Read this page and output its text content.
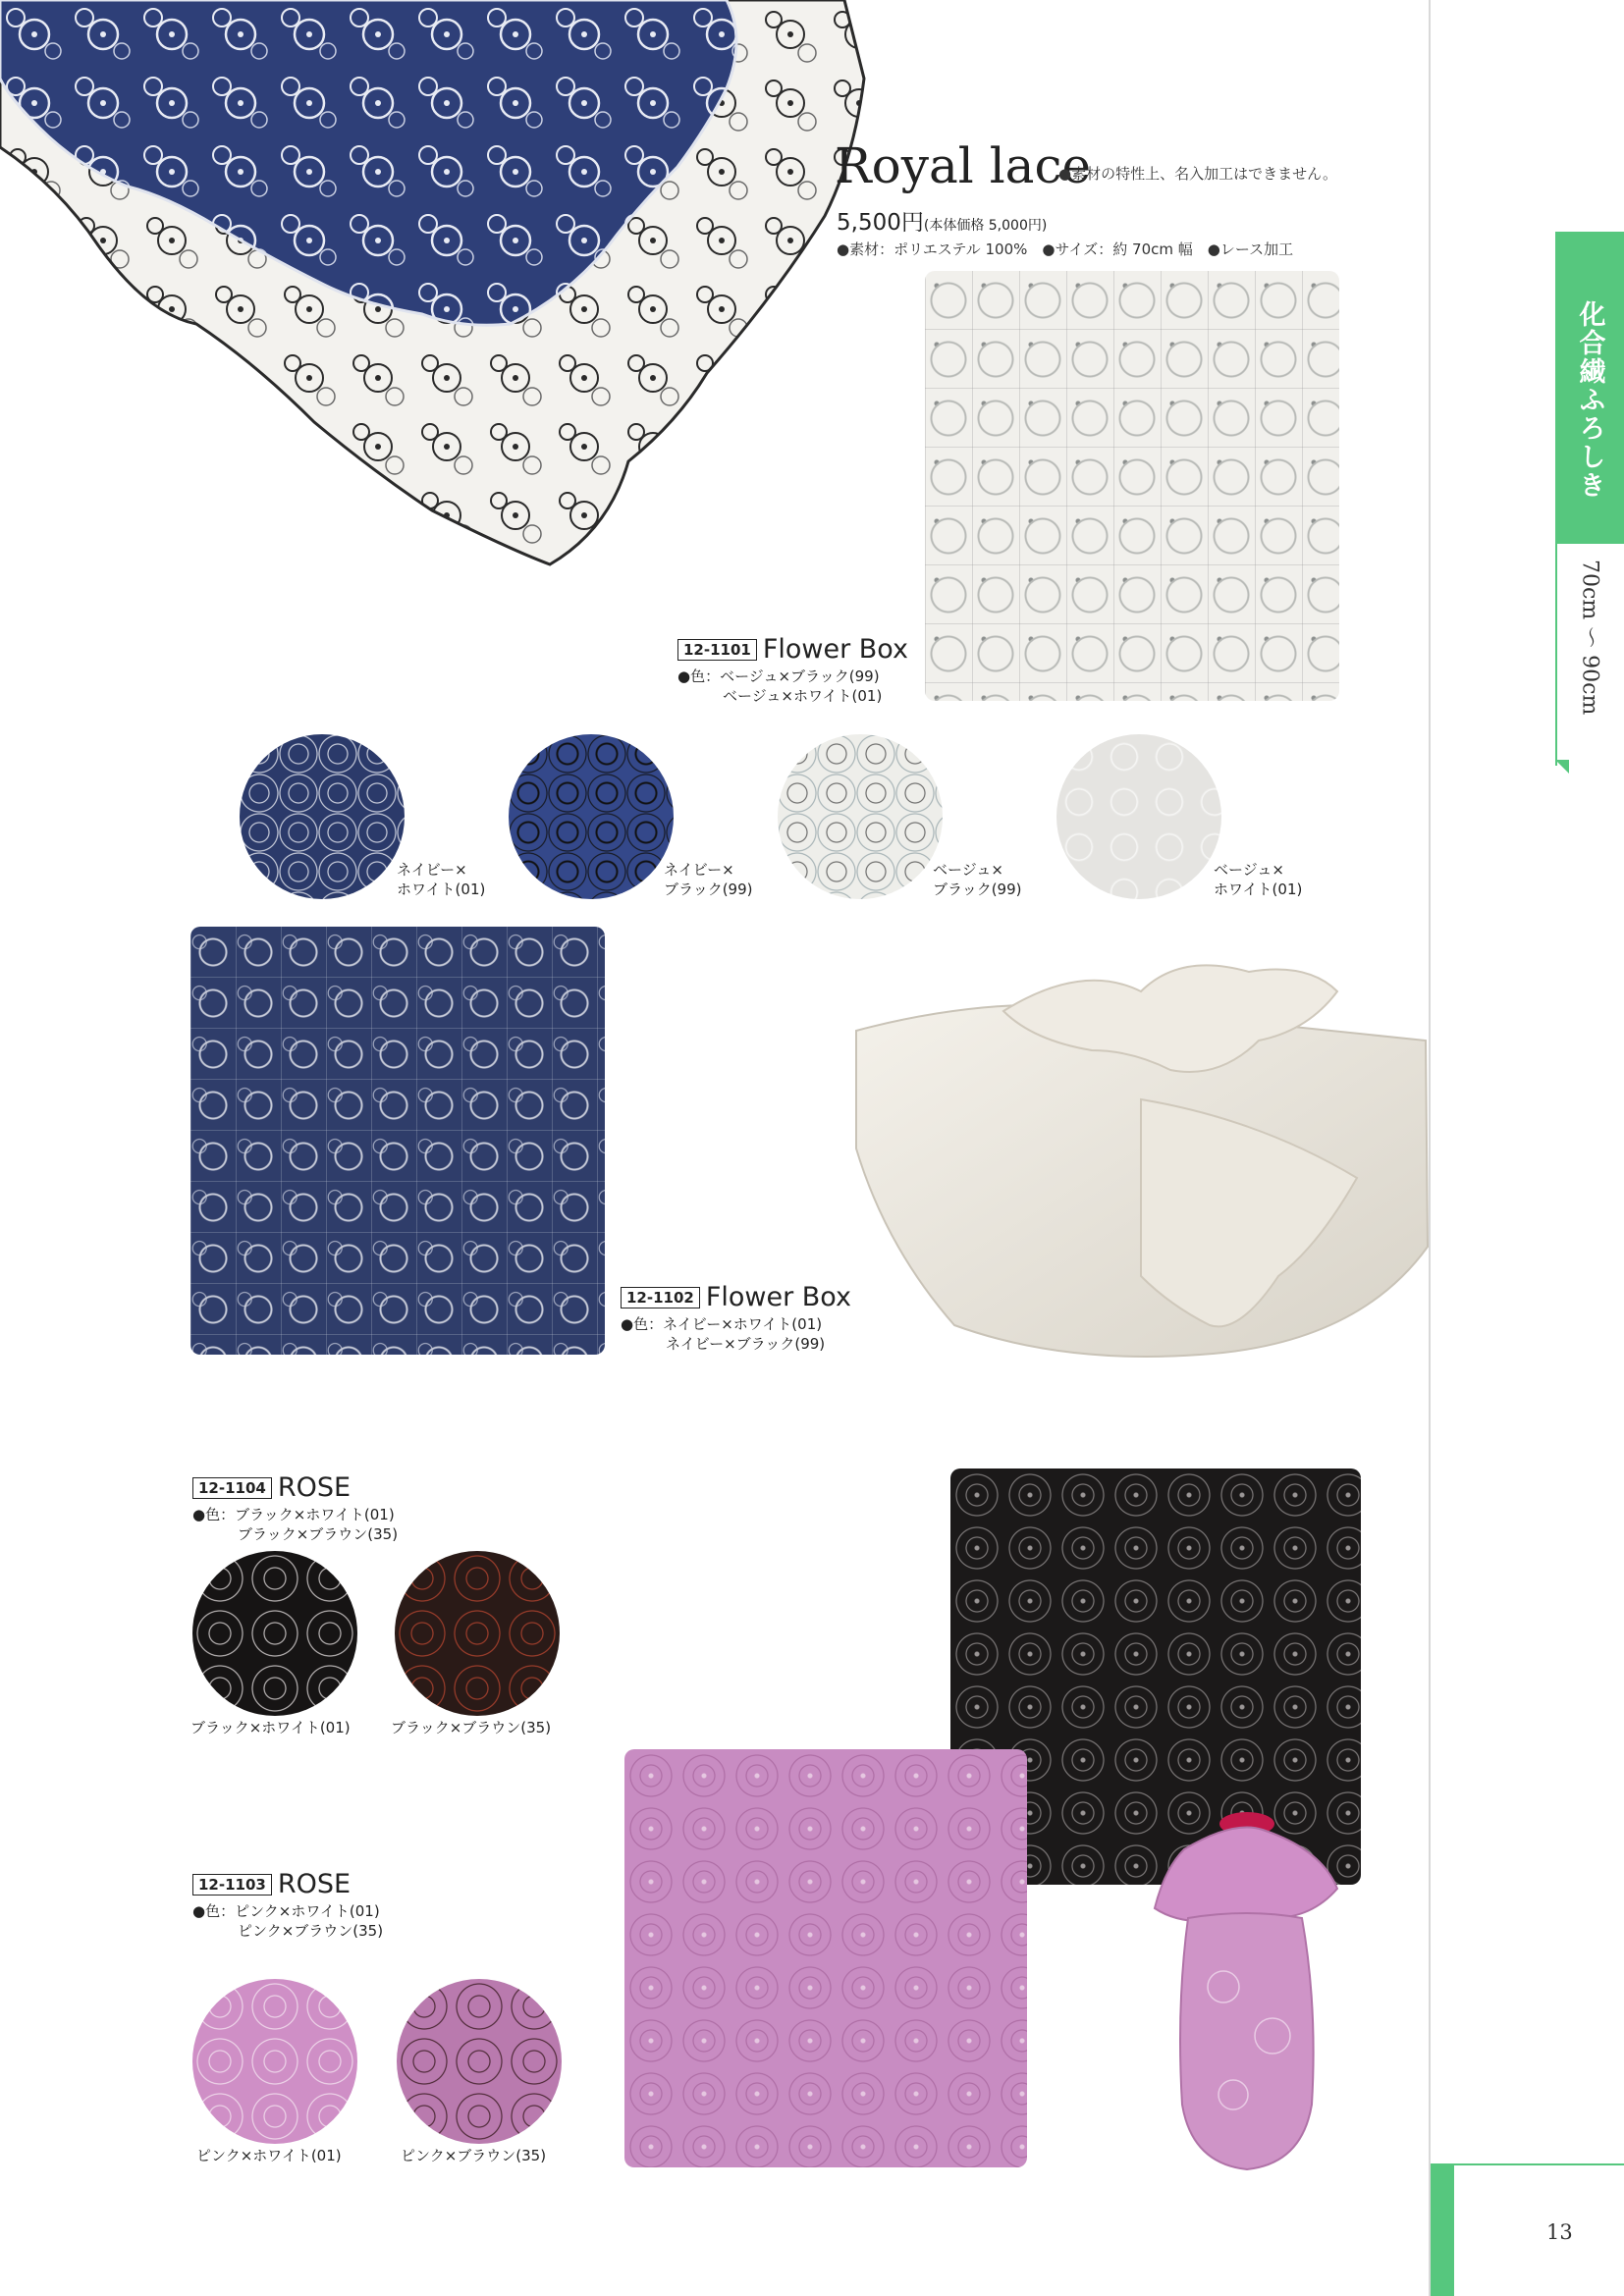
化合繊ふろしき
70cm ～ 90cm
13
Royal lace
●素材の特性上、名入加工はできません。
5,500円(本体価格 5,000円)
●素材：ポリエステル 100%　●サイズ：約 70cm 幅　●レース加工
12-1101 Flower Box
●色：ベージュ×ブラック(99)
ベージュ×ホワイト(01)
ネイビー×
ホワイト(01)
ネイビー×
ブラック(99)
ベージュ×
ブラック(99)
ベージュ×
ホワイト(01)
12-1102 Flower Box
●色：ネイビー×ホワイト(01)
ネイビー×ブラック(99)
12-1104 ROSE
●色：ブラック×ホワイト(01)
ブラック×ブラウン(35)
ブラック×ホワイト(01)	ブラック×ブラウン(35)
12-1103 ROSE
●色：ピンク×ホワイト(01)
ピンク×ブラウン(35)
ピンク×ホワイト(01)	ピンク×ブラウン(35)
